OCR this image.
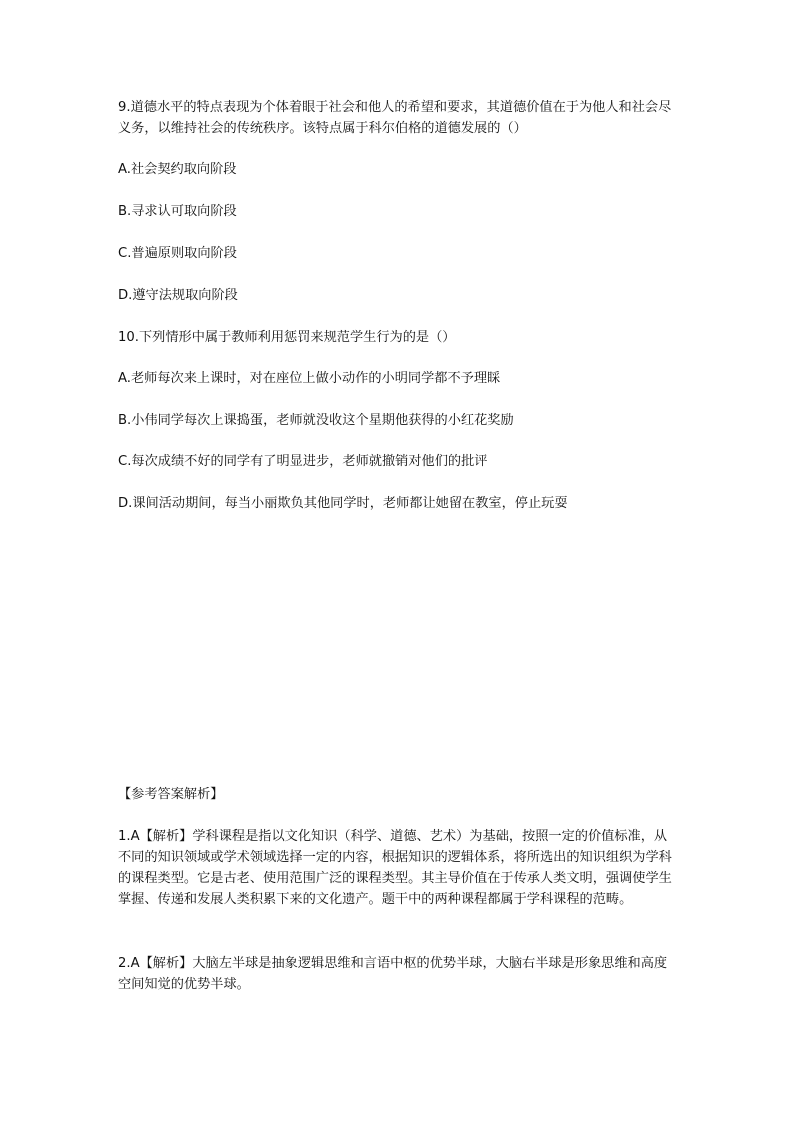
9.道德水平的特点表现为个体着眼于社会和他人的希望和要求，其道德价值在于为他人和社会尽义务，以维持社会的传统秩序。该特点属于科尔伯格的道德发展的（）

A.社会契约取向阶段

B.寻求认可取向阶段

C.普遍原则取向阶段

D.遵守法规取向阶段

10.下列情形中属于教师利用惩罚来规范学生行为的是（）

A.老师每次来上课时，对在座位上做小动作的小明同学都不予理睬

B.小伟同学每次上课捣蛋，老师就没收这个星期他获得的小红花奖励

C.每次成绩不好的同学有了明显进步，老师就撤销对他们的批评

D.课间活动期间，每当小丽欺负其他同学时，老师都让她留在教室，停止玩耍

【参考答案解析】

1.A【解析】学科课程是指以文化知识（科学、道德、艺术）为基础，按照一定的价值标准，从不同的知识领域或学术领域选择一定的内容，根据知识的逻辑体系，将所选出的知识组织为学科的课程类型。它是古老、使用范围广泛的课程类型。其主导价值在于传承人类文明，强调使学生掌握、传递和发展人类积累下来的文化遗产。题干中的两种课程都属于学科课程的范畴。

2.A【解析】大脑左半球是抽象逻辑思维和言语中枢的优势半球，大脑右半球是形象思维和高度空间知觉的优势半球。
